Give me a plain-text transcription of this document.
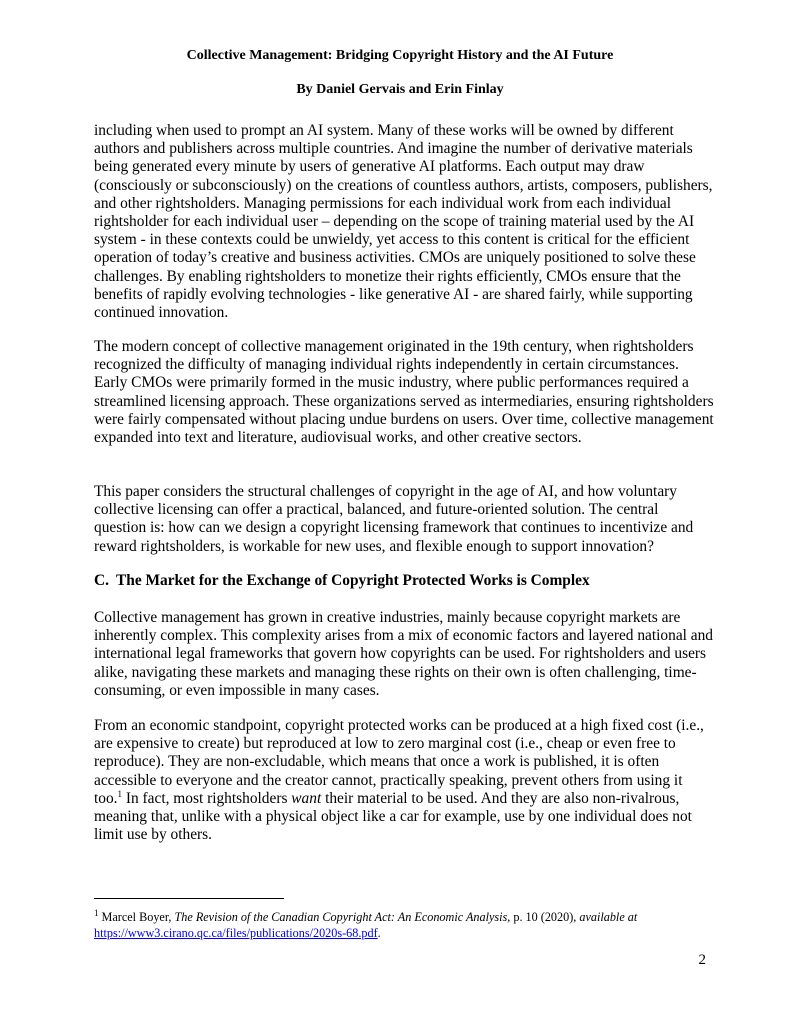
Collective Management: Bridging Copyright History and the AI Future
By Daniel Gervais and Erin Finlay

including when used to prompt an AI system. Many of these works will be owned by different authors and publishers across multiple countries. And imagine the number of derivative materials being generated every minute by users of generative AI platforms. Each output may draw (consciously or subconsciously) on the creations of countless authors, artists, composers, publishers, and other rightsholders. Managing permissions for each individual work from each individual rightsholder for each individual user – depending on the scope of training material used by the AI system - in these contexts could be unwieldy, yet access to this content is critical for the efficient operation of today’s creative and business activities. CMOs are uniquely positioned to solve these challenges. By enabling rightsholders to monetize their rights efficiently, CMOs ensure that the benefits of rapidly evolving technologies - like generative AI - are shared fairly, while supporting continued innovation.

The modern concept of collective management originated in the 19th century, when rightsholders recognized the difficulty of managing individual rights independently in certain circumstances. Early CMOs were primarily formed in the music industry, where public performances required a streamlined licensing approach. These organizations served as intermediaries, ensuring rightsholders were fairly compensated without placing undue burdens on users. Over time, collective management expanded into text and literature, audiovisual works, and other creative sectors.

This paper considers the structural challenges of copyright in the age of AI, and how voluntary collective licensing can offer a practical, balanced, and future-oriented solution. The central question is: how can we design a copyright licensing framework that continues to incentivize and reward rightsholders, is workable for new uses, and flexible enough to support innovation?

C. The Market for the Exchange of Copyright Protected Works is Complex

Collective management has grown in creative industries, mainly because copyright markets are inherently complex. This complexity arises from a mix of economic factors and layered national and international legal frameworks that govern how copyrights can be used. For rightsholders and users alike, navigating these markets and managing these rights on their own is often challenging, time-consuming, or even impossible in many cases.

From an economic standpoint, copyright protected works can be produced at a high fixed cost (i.e., are expensive to create) but reproduced at low to zero marginal cost (i.e., cheap or even free to reproduce). They are non-excludable, which means that once a work is published, it is often accessible to everyone and the creator cannot, practically speaking, prevent others from using it too.$^1$ In fact, most rightsholders want their material to be used. And they are also non-rivalrous, meaning that, unlike with a physical object like a car for example, use by one individual does not limit use by others.

$^1$ Marcel Boyer, The Revision of the Canadian Copyright Act: An Economic Analysis, p. 10 (2020), available at https://www3.cirano.qc.ca/files/publications/2020s-68.pdf.

2
